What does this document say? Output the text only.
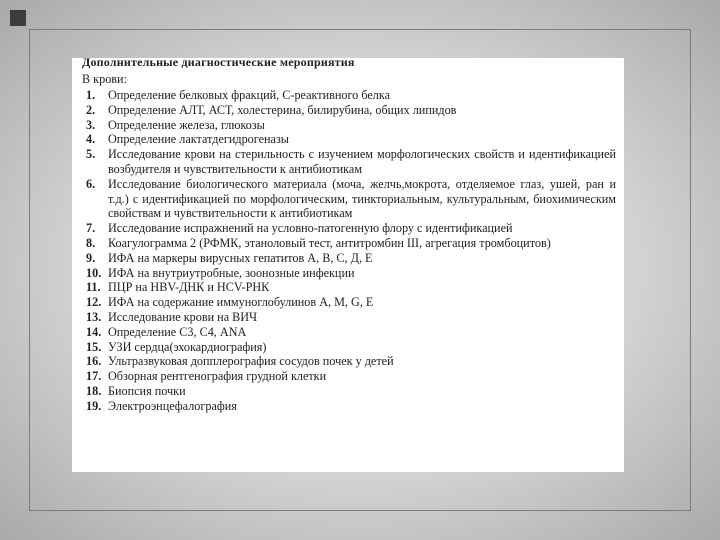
Дополнительные диагностические мероприятия
В крови:
1.	Определение белковых фракций, С-реактивного белка
2.	Определение АЛТ, АСТ, холестерина, билирубина, общих липидов
3.	Определение железа, глюкозы
4.	Определение лактатдегидрогеназы
5.	Исследование крови на стерильность с изучением морфологических свойств и идентификацией возбудителя и чувствительности к антибиотикам
6.	Исследование биологического материала (моча, желчь,мокрота, отделяемое глаз, ушей, ран и т.д.) с идентификацией по морфологическим, тинкториальным, культуральным, биохимическим свойствам и чувствительности к антибиотикам
7.	Исследование испражнений на условно-патогенную флору с идентификацией
8.	Коагулограмма 2 (РФМК, этаноловый тест, антитромбин III, агрегация тромбоцитов)
9.	ИФА на маркеры вирусных гепатитов А, В, С, Д, Е
10. ИФА на внутриутробные, зоонозные инфекции
11. ПЦР на HBV-ДНК и HCV-РНК
12. ИФА на содержание иммуноглобулинов А, М, G, E
13. Исследование крови на ВИЧ
14. Определение С3, С4, ANA
15. УЗИ сердца(эхокардиография)
16. Ультразвуковая допплерография сосудов почек у детей
17. Обзорная рентгенография грудной клетки
18. Биопсия почки
19. Электроэнцефалография
